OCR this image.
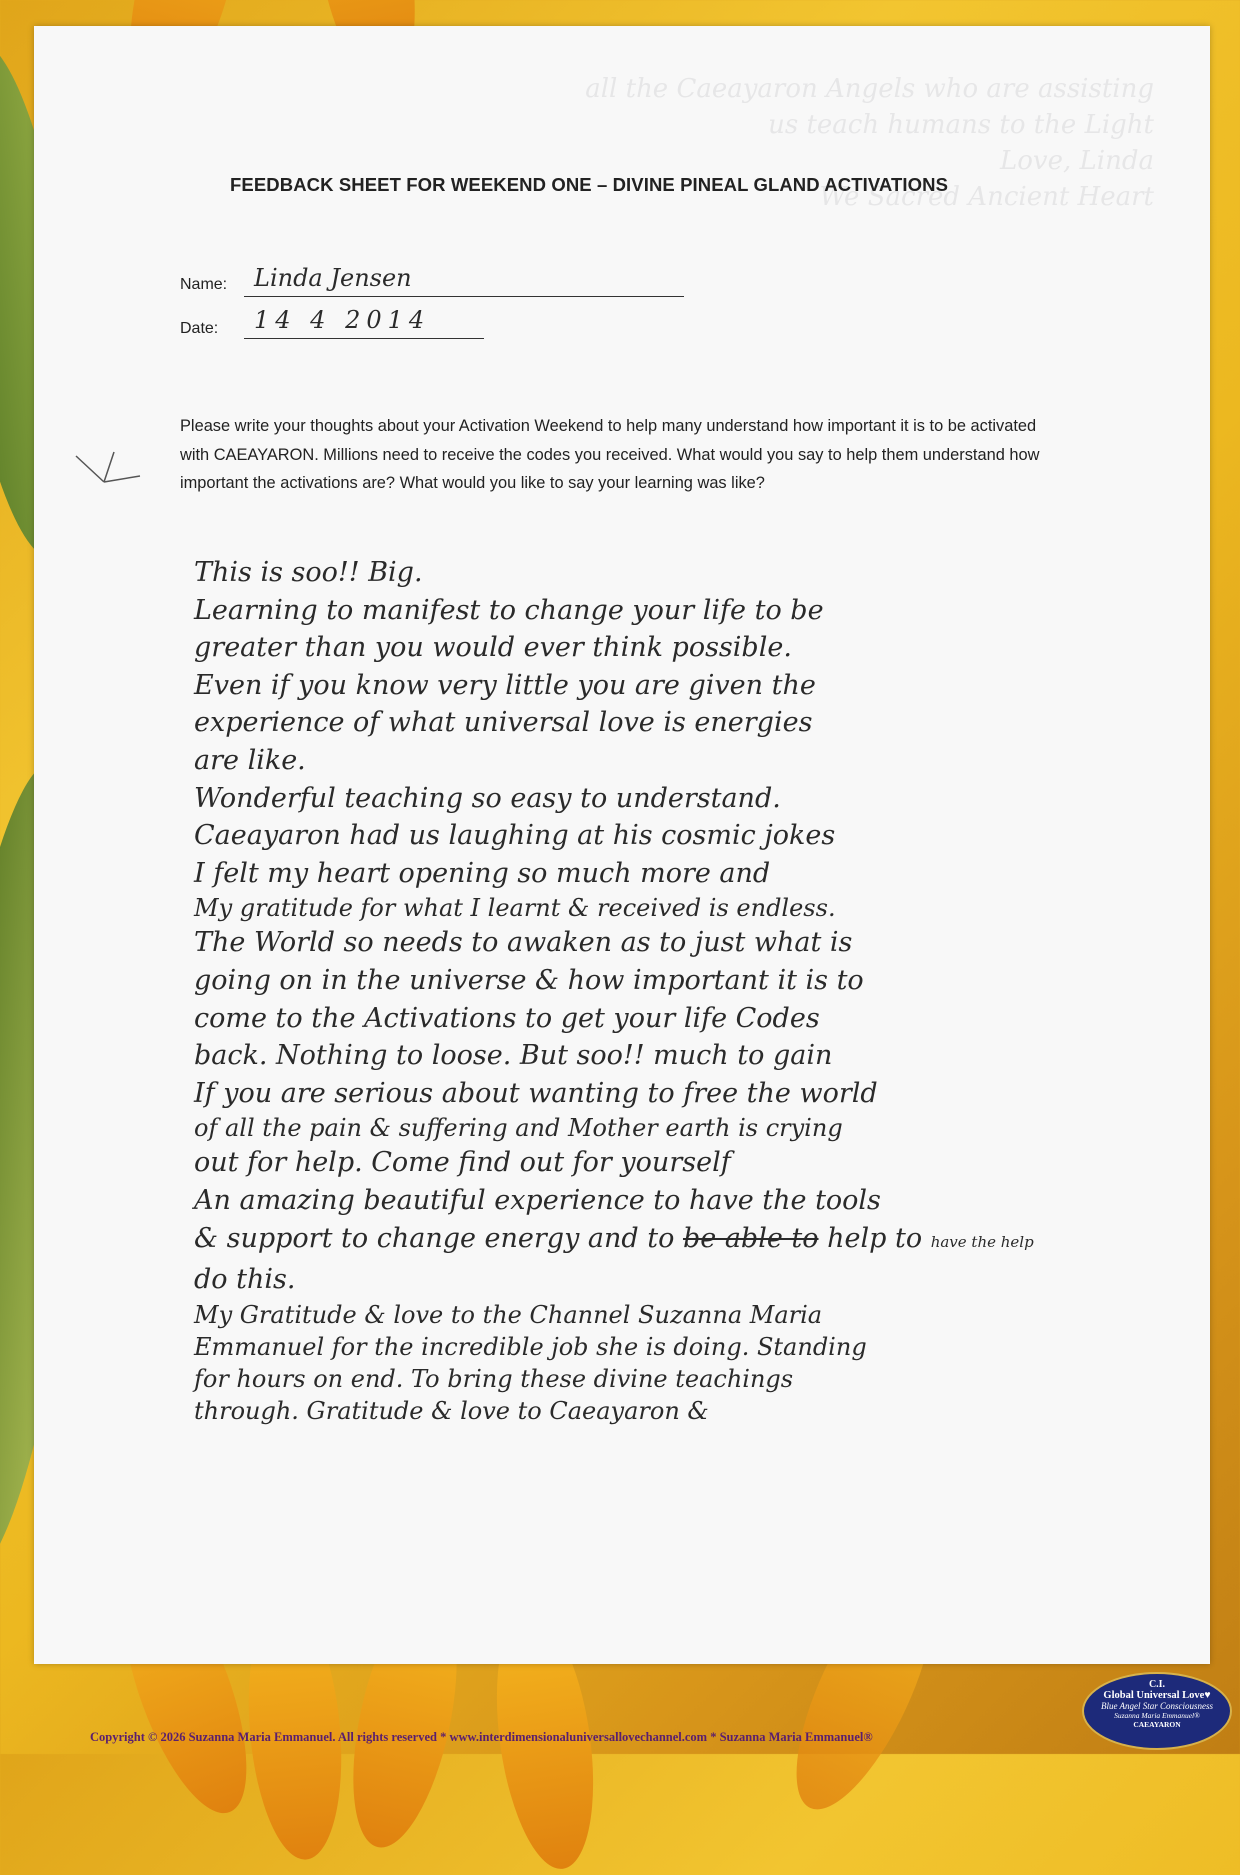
all the Caeayaron Angels who are assisting
us teach humans to the Light
Love, Linda
We Sacred Ancient Heart
FEEDBACK SHEET FOR WEEKEND ONE – DIVINE PINEAL GLAND ACTIVATIONS
Name:	Linda Jensen
Date:	14 4 2014
Please write your thoughts about your Activation Weekend to help many understand how important it is to be activated with CAEAYARON. Millions need to receive the codes you received. What would you say to help them understand how important the activations are? What would you like to say your learning was like?
This is soo!! Big.
Learning to manifest to change your life to be
greater than you would ever think possible.
Even if you know very little you are given the
experience of what universal love is energies
are like.
Wonderful teaching so easy to understand.
Caeayaron had us laughing at his cosmic jokes
I felt my heart opening so much more and
My gratitude for what I learnt & received is endless.
The World so needs to awaken as to just what is
going on in the universe & how important it is to
come to the Activations to get your life Codes
back. Nothing to loose. But soo!! much to gain
If you are serious about wanting to free the world
of all the pain & suffering and Mother earth is crying
out for help. Come find out for yourself
An amazing beautiful experience to have the tools
& support to change energy and to be able to help to have the help
do this.
My Gratitude & love to the Channel Suzanna Maria
Emmanuel for the incredible job she is doing. Standing
for hours on end. To bring these divine teachings
through. Gratitude & love to Caeayaron &
Copyright © 2026 Suzanna Maria Emmanuel. All rights reserved * www.interdimensionaluniversallovechannel.com * Suzanna Maria Emmanuel®
C.I.
Global Universal Love♥
Blue Angel Star Consciousness
Suzanna Maria Emmanuel®
CAEAYARON
